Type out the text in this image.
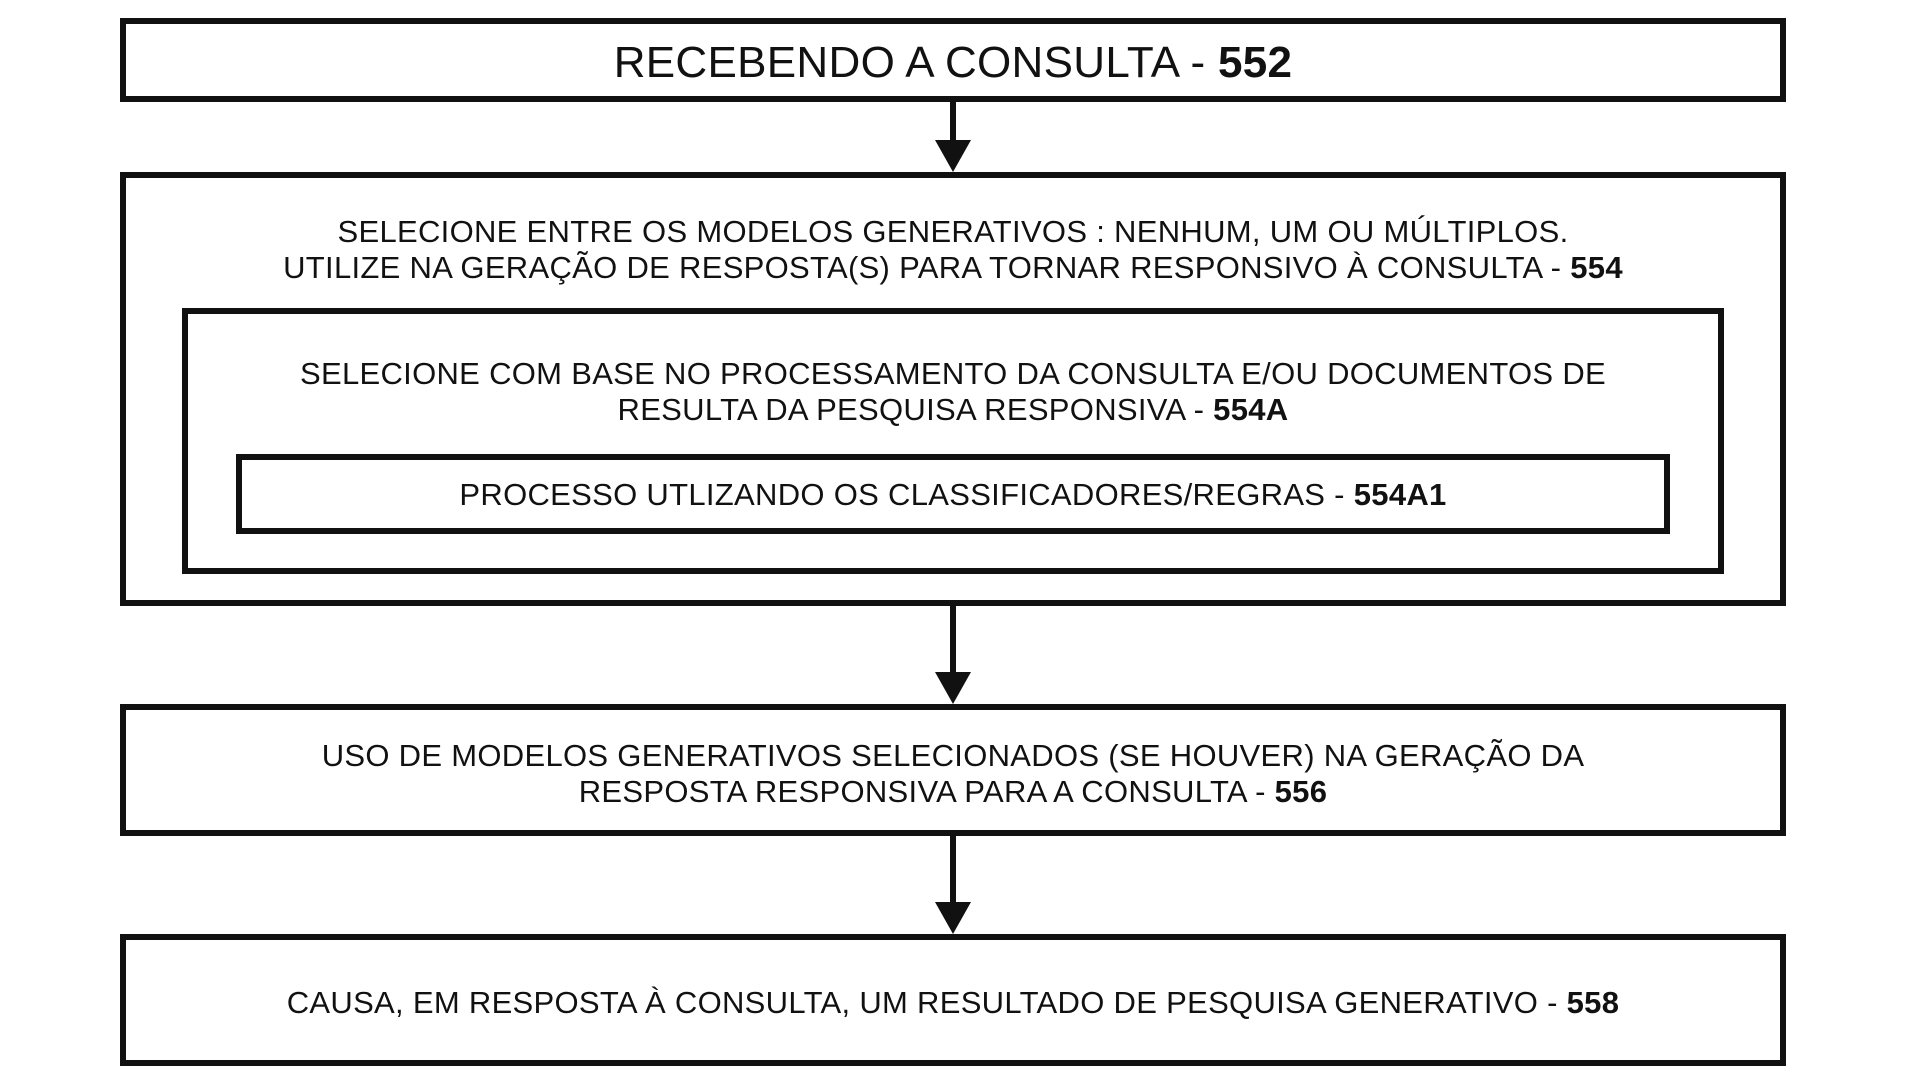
RECEBENDO A CONSULTA - 552
SELECIONE ENTRE OS MODELOS GENERATIVOS : NENHUM, UM OU MÚLTIPLOS.
UTILIZE NA GERAÇÃO DE RESPOSTA(S) PARA TORNAR RESPONSIVO À CONSULTA - 554
SELECIONE COM BASE NO PROCESSAMENTO DA CONSULTA E/OU DOCUMENTOS DE
RESULTA DA PESQUISA RESPONSIVA - 554A
PROCESSO UTLIZANDO OS CLASSIFICADORES/REGRAS - 554A1
USO DE MODELOS GENERATIVOS SELECIONADOS (SE HOUVER) NA GERAÇÃO DA
RESPOSTA RESPONSIVA PARA A CONSULTA - 556
CAUSA, EM RESPOSTA À CONSULTA, UM RESULTADO DE PESQUISA GENERATIVO - 558
